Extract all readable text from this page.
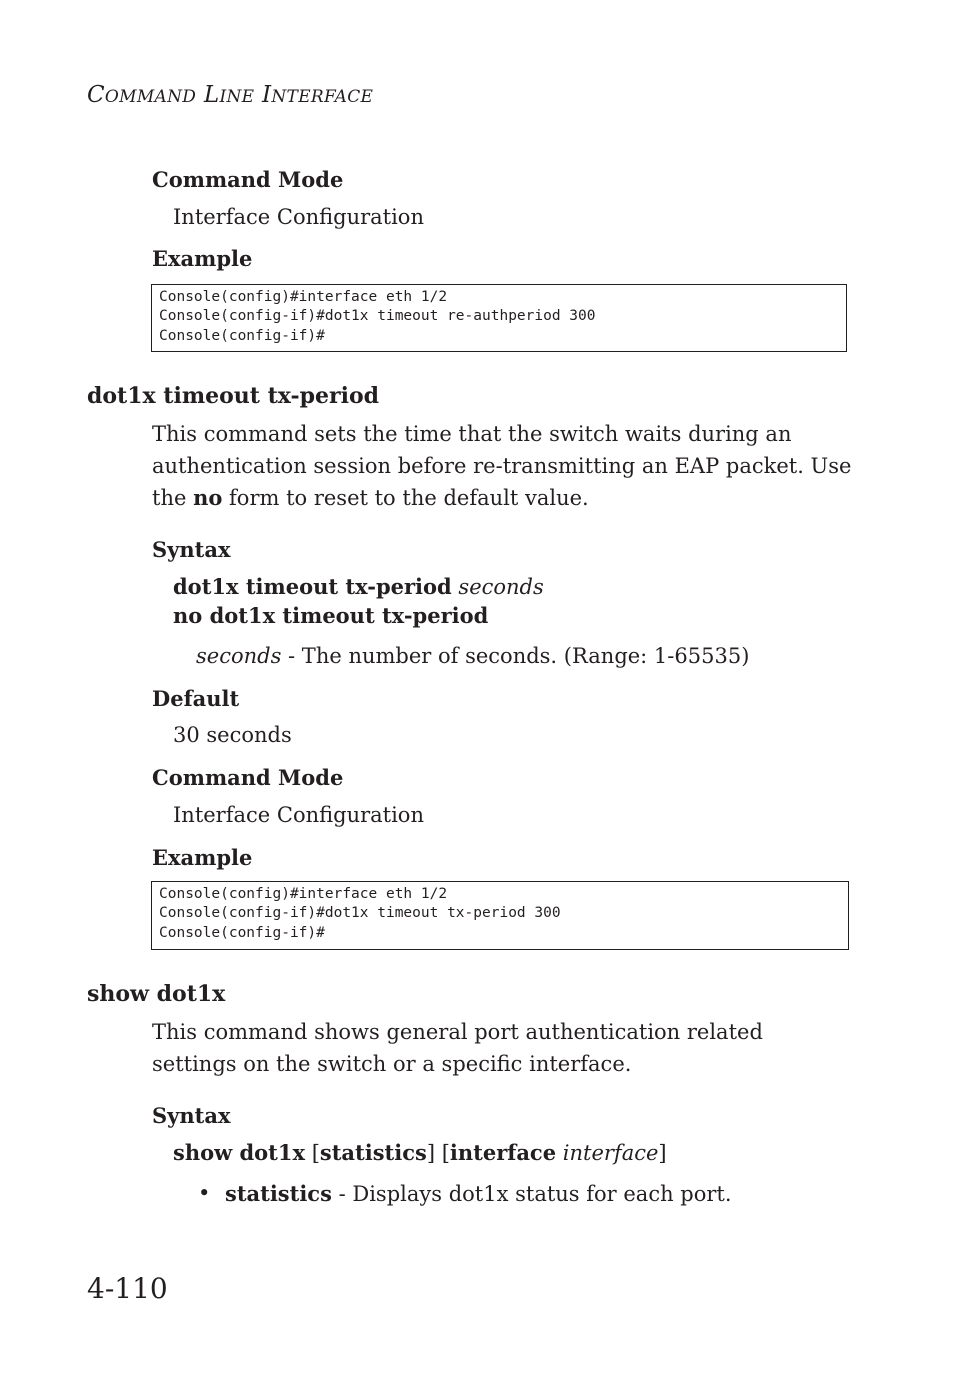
COMMAND LINE INTERFACE
Command Mode
Interface Configuration
Example
Console(config)#interface eth 1/2
Console(config-if)#dot1x timeout re-authperiod 300
Console(config-if)#
dot1x timeout tx-period
This command sets the time that the switch waits during an authentication session before re-transmitting an EAP packet. Use the no form to reset to the default value.
Syntax
dot1x timeout tx-period seconds
no dot1x timeout tx-period
seconds - The number of seconds. (Range: 1-65535)
Default
30 seconds
Command Mode
Interface Configuration
Example
Console(config)#interface eth 1/2
Console(config-if)#dot1x timeout tx-period 300
Console(config-if)#
show dot1x
This command shows general port authentication related settings on the switch or a specific interface.
Syntax
show dot1x [statistics] [interface interface]
• statistics - Displays dot1x status for each port.
4-110
